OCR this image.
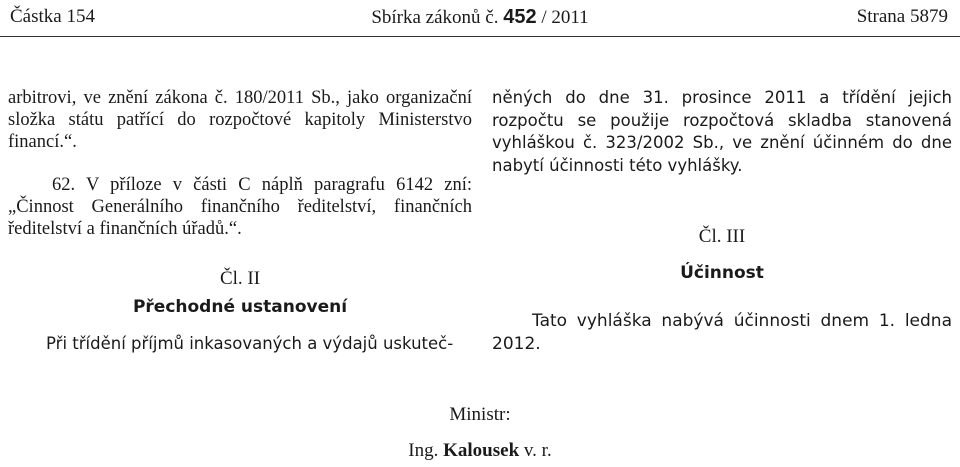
Částka 154	Sbírka zákonů č. 452 / 2011	Strana 5879

arbitrovi, ve znění zákona č. 180/2011 Sb., jako organizační složka státu patřící do rozpočtové kapitoly Ministerstvo financí.“.

62. V příloze v části C náplň paragrafu 6142 zní: „Činnost Generálního finančního ředitelství, finančních ředitelství a finančních úřadů.“.

Čl. II
Přechodné ustanovení

Při třídění příjmů inkasovaných a výdajů uskuteč-

něných do dne 31. prosince 2011 a třídění jejich rozpočtu se použije rozpočtová skladba stanovená vyhláškou č. 323/2002 Sb., ve znění účinném do dne nabytí účinnosti této vyhlášky.

Čl. III
Účinnost

Tato vyhláška nabývá účinnosti dnem 1. ledna 2012.

Ministr:
Ing. Kalousek v. r.
